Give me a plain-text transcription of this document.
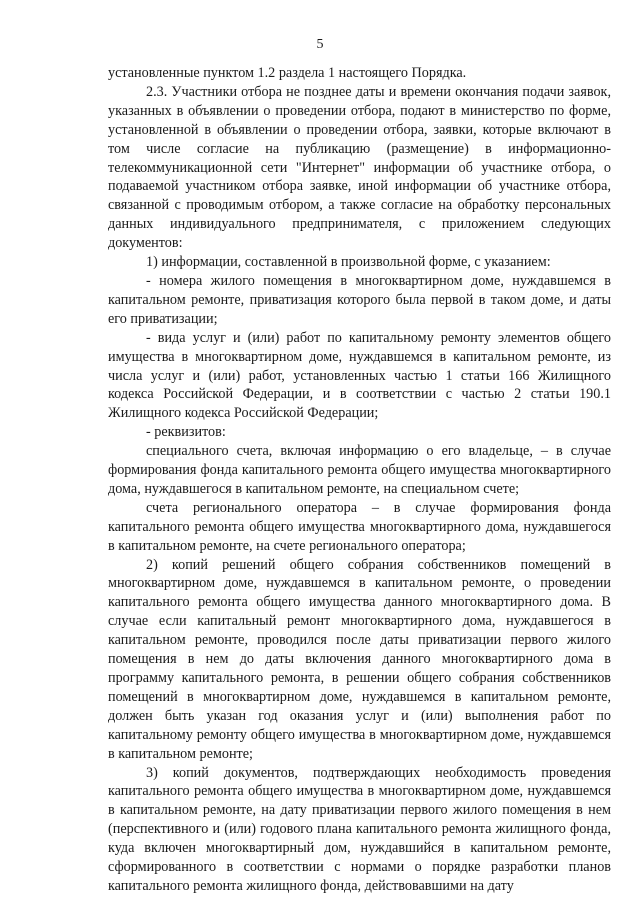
5

установленные пунктом 1.2 раздела 1 настоящего Порядка.

2.3. Участники отбора не позднее даты и времени окончания подачи заявок, указанных в объявлении о проведении отбора, подают в министерство по форме, установленной в объявлении о проведении отбора, заявки, которые включают в том числе согласие на публикацию (размещение) в информационно-телекоммуникационной сети "Интернет" информации об участнике отбора, о подаваемой участником отбора заявке, иной информации об участнике отбора, связанной с проводимым отбором, а также согласие на обработку персональных данных индивидуального предпринимателя, с приложением следующих документов:

1) информации, составленной в произвольной форме, с указанием:

- номера жилого помещения в многоквартирном доме, нуждавшемся в капитальном ремонте, приватизация которого была первой в таком доме, и даты его приватизации;

- вида услуг и (или) работ по капитальному ремонту элементов общего имущества в многоквартирном доме, нуждавшемся в капитальном ремонте, из числа услуг и (или) работ, установленных частью 1 статьи 166 Жилищного кодекса Российской Федерации, и в соответствии с частью 2 статьи 190.1 Жилищного кодекса Российской Федерации;

- реквизитов:

специального счета, включая информацию о его владельце, – в случае формирования фонда капитального ремонта общего имущества многоквартирного дома, нуждавшегося в капитальном ремонте, на специальном счете;

счета регионального оператора – в случае формирования фонда капитального ремонта общего имущества многоквартирного дома, нуждавшегося в капитальном ремонте, на счете регионального оператора;

2) копий решений общего собрания собственников помещений в многоквартирном доме, нуждавшемся в капитальном ремонте, о проведении капитального ремонта общего имущества данного многоквартирного дома. В случае если капитальный ремонт многоквартирного дома, нуждавшегося в капитальном ремонте, проводился после даты приватизации первого жилого помещения в нем до даты включения данного многоквартирного дома в программу капитального ремонта, в решении общего собрания собственников помещений в многоквартирном доме, нуждавшемся в капитальном ремонте, должен быть указан год оказания услуг и (или) выполнения работ по капитальному ремонту общего имущества в многоквартирном доме, нуждавшемся в капитальном ремонте;

3) копий документов, подтверждающих необходимость проведения капитального ремонта общего имущества в многоквартирном доме, нуждавшемся в капитальном ремонте, на дату приватизации первого жилого помещения в нем (перспективного и (или) годового плана капитального ремонта жилищного фонда, куда включен многоквартирный дом, нуждавшийся в капитальном ремонте, сформированного в соответствии с нормами о порядке разработки планов капитального ремонта жилищного фонда, действовавшими на дату
